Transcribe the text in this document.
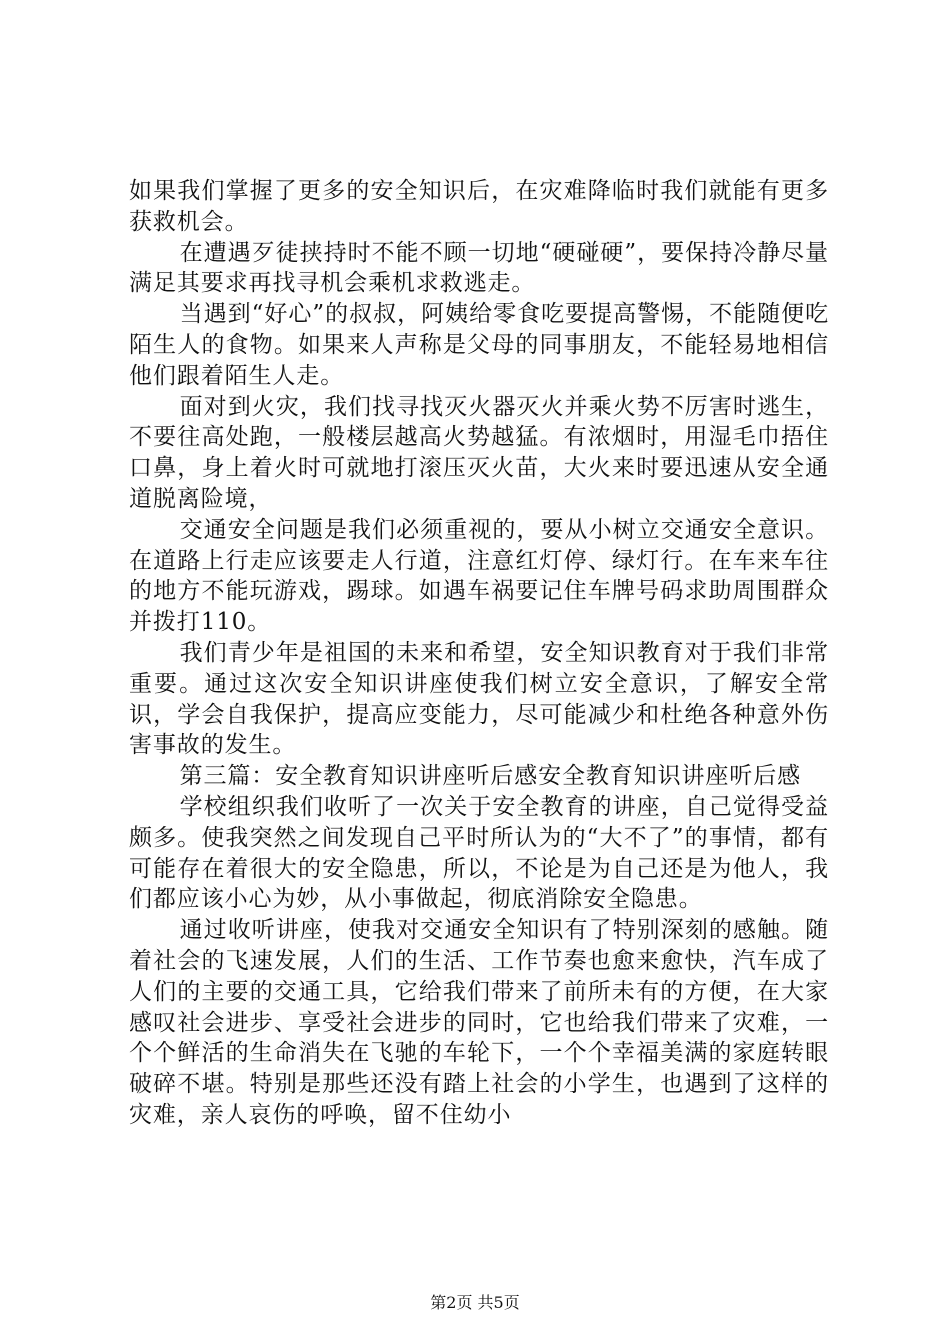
如果我们掌握了更多的安全知识后，在灾难降临时我们就能有更多获救机会。

在遭遇歹徒挟持时不能不顾一切地“硬碰硬”，要保持冷静尽量满足其要求再找寻机会乘机求救逃走。

当遇到“好心”的叔叔，阿姨给零食吃要提高警惕，不能随便吃陌生人的食物。如果来人声称是父母的同事朋友，不能轻易地相信他们跟着陌生人走。

面对到火灾，我们找寻找灭火器灭火并乘火势不厉害时逃生，不要往高处跑，一般楼层越高火势越猛。有浓烟时，用湿毛巾捂住口鼻，身上着火时可就地打滚压灭火苗，大火来时要迅速从安全通道脱离险境，

交通安全问题是我们必须重视的，要从小树立交通安全意识。在道路上行走应该要走人行道，注意红灯停、绿灯行。在车来车往的地方不能玩游戏，踢球。如遇车祸要记住车牌号码求助周围群众并拨打110。

我们青少年是祖国的未来和希望，安全知识教育对于我们非常重要。通过这次安全知识讲座使我们树立安全意识，了解安全常识，学会自我保护，提高应变能力，尽可能减少和杜绝各种意外伤害事故的发生。

第三篇：安全教育知识讲座听后感安全教育知识讲座听后感

学校组织我们收听了一次关于安全教育的讲座，自己觉得受益颇多。使我突然之间发现自己平时所认为的“大不了”的事情，都有可能存在着很大的安全隐患，所以，不论是为自己还是为他人，我们都应该小心为妙，从小事做起，彻底消除安全隐患。

通过收听讲座，使我对交通安全知识有了特别深刻的感触。随着社会的飞速发展，人们的生活、工作节奏也愈来愈快，汽车成了人们的主要的交通工具，它给我们带来了前所未有的方便，在大家感叹社会进步、享受社会进步的同时，它也给我们带来了灾难，一个个鲜活的生命消失在飞驰的车轮下，一个个幸福美满的家庭转眼破碎不堪。特别是那些还没有踏上社会的小学生，也遇到了这样的灾难，亲人哀伤的呼唤，留不住幼小

第2页 共5页
